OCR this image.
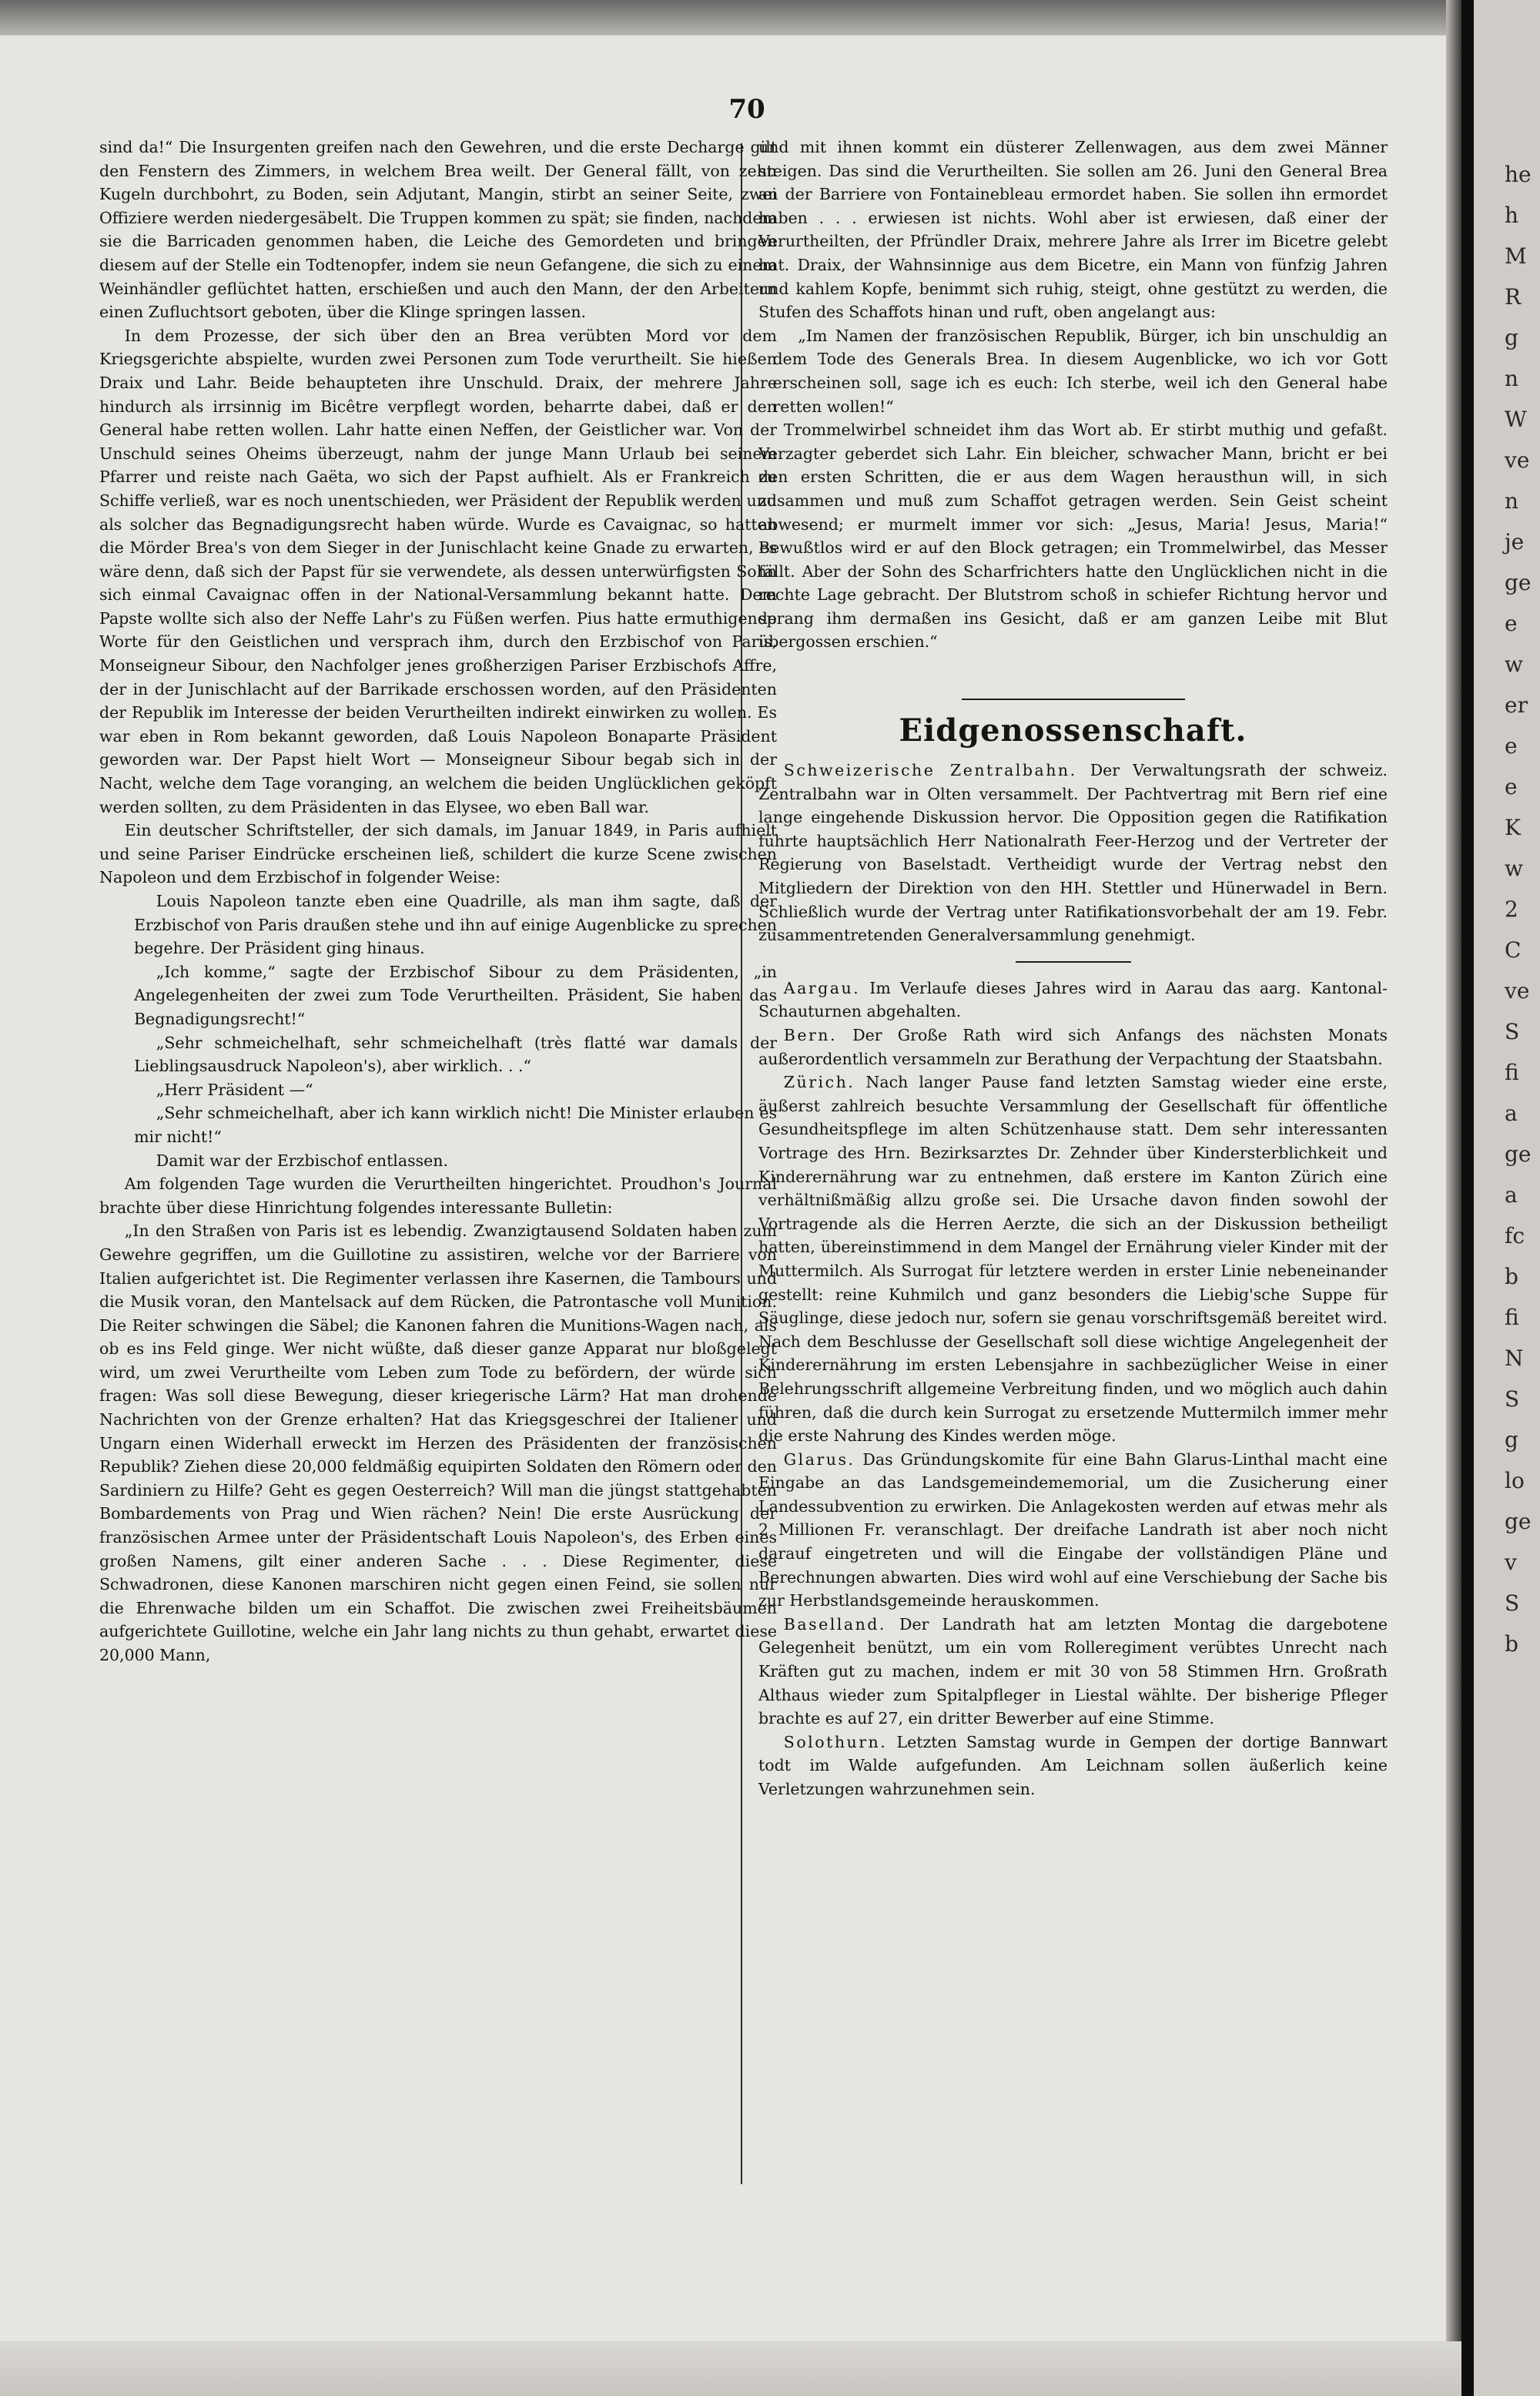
he
h
M
R
g
n
W
ve
n
je
ge
e
w
er
e
e
K
w
2
C
ve
S
fi
a
ge
a
fc
b
fi
N
S
g
lo
ge
v
S
b
70

sind da!“ Die Insurgenten greifen nach den Gewehren, und die erste Decharge gilt den Fenstern des Zimmers, in welchem Brea weilt. Der General fällt, von zehn Kugeln durchbohrt, zu Boden, sein Adjutant, Mangin, stirbt an seiner Seite, zwei Offiziere werden niedergesäbelt. Die Truppen kommen zu spät; sie finden, nachdem sie die Barricaden genommen haben, die Leiche des Gemordeten und bringen diesem auf der Stelle ein Todtenopfer, indem sie neun Gefangene, die sich zu einem Weinhändler geflüchtet hatten, erschießen und auch den Mann, der den Arbeitern einen Zufluchtsort geboten, über die Klinge springen lassen.

In dem Prozesse, der sich über den an Brea verübten Mord vor dem Kriegsgerichte abspielte, wurden zwei Personen zum Tode verurtheilt. Sie hießen Draix und Lahr. Beide behaupteten ihre Unschuld. Draix, der mehrere Jahre hindurch als irrsinnig im Bicêtre verpflegt worden, beharrte dabei, daß er den General habe retten wollen. Lahr hatte einen Neffen, der Geistlicher war. Von der Unschuld seines Oheims überzeugt, nahm der junge Mann Urlaub bei seinem Pfarrer und reiste nach Gaëta, wo sich der Papst aufhielt. Als er Frankreich zu Schiffe verließ, war es noch unentschieden, wer Präsident der Republik werden und als solcher das Begnadigungsrecht haben würde. Wurde es Cavaignac, so hatten die Mörder Brea's von dem Sieger in der Junischlacht keine Gnade zu erwarten, es wäre denn, daß sich der Papst für sie verwendete, als dessen unterwürfigsten Sohn sich einmal Cavaignac offen in der National-Versammlung bekannt hatte. Dem Papste wollte sich also der Neffe Lahr's zu Füßen werfen. Pius hatte ermuthigende Worte für den Geistlichen und versprach ihm, durch den Erzbischof von Paris, Monseigneur Sibour, den Nachfolger jenes großherzigen Pariser Erzbischofs Affre, der in der Junischlacht auf der Barrikade erschossen worden, auf den Präsidenten der Republik im Interesse der beiden Verurtheilten indirekt einwirken zu wollen. Es war eben in Rom bekannt geworden, daß Louis Napoleon Bonaparte Präsident geworden war. Der Papst hielt Wort — Monseigneur Sibour begab sich in der Nacht, welche dem Tage voranging, an welchem die beiden Unglücklichen geköpft werden sollten, zu dem Präsidenten in das Elysee, wo eben Ball war.

Ein deutscher Schriftsteller, der sich damals, im Januar 1849, in Paris aufhielt und seine Pariser Eindrücke erscheinen ließ, schildert die kurze Scene zwischen Napoleon und dem Erzbischof in folgender Weise:

Louis Napoleon tanzte eben eine Quadrille, als man ihm sagte, daß der Erzbischof von Paris draußen stehe und ihn auf einige Augenblicke zu sprechen begehre. Der Präsident ging hinaus.

„Ich komme,“ sagte der Erzbischof Sibour zu dem Präsidenten, „in Angelegenheiten der zwei zum Tode Verurtheilten. Präsident, Sie haben das Begnadigungsrecht!“

„Sehr schmeichelhaft, sehr schmeichelhaft (très flatté war damals der Lieblingsausdruck Napoleon's), aber wirklich. . .“

„Herr Präsident —“

„Sehr schmeichelhaft, aber ich kann wirklich nicht! Die Minister erlauben es mir nicht!“

Damit war der Erzbischof entlassen.

Am folgenden Tage wurden die Verurtheilten hingerichtet. Proudhon's Journal brachte über diese Hinrichtung folgendes interessante Bulletin:

„In den Straßen von Paris ist es lebendig. Zwanzigtausend Soldaten haben zum Gewehre gegriffen, um die Guillotine zu assistiren, welche vor der Barriere von Italien aufgerichtet ist. Die Regimenter verlassen ihre Kasernen, die Tambours und die Musik voran, den Mantelsack auf dem Rücken, die Patrontasche voll Munition. Die Reiter schwingen die Säbel; die Kanonen fahren die Munitions-Wagen nach, als ob es ins Feld ginge. Wer nicht wüßte, daß dieser ganze Apparat nur bloßgelegt wird, um zwei Verurtheilte vom Leben zum Tode zu befördern, der würde sich fragen: Was soll diese Bewegung, dieser kriegerische Lärm? Hat man drohende Nachrichten von der Grenze erhalten? Hat das Kriegsgeschrei der Italiener und Ungarn einen Widerhall erweckt im Herzen des Präsidenten der französischen Republik? Ziehen diese 20,000 feldmäßig equipirten Soldaten den Römern oder den Sardiniern zu Hilfe? Geht es gegen Oesterreich? Will man die jüngst stattgehabten Bombardements von Prag und Wien rächen? Nein! Die erste Ausrückung der französischen Armee unter der Präsidentschaft Louis Napoleon's, des Erben eines großen Namens, gilt einer anderen Sache . . . Diese Regimenter, diese Schwadronen, diese Kanonen marschiren nicht gegen einen Feind, sie sollen nur die Ehrenwache bilden um ein Schaffot. Die zwischen zwei Freiheitsbäumen aufgerichtete Guillotine, welche ein Jahr lang nichts zu thun gehabt, erwartet diese 20,000 Mann,

und mit ihnen kommt ein düsterer Zellenwagen, aus dem zwei Männer steigen. Das sind die Verurtheilten. Sie sollen am 26. Juni den General Brea an der Barriere von Fontainebleau ermordet haben. Sie sollen ihn ermordet haben . . . erwiesen ist nichts. Wohl aber ist erwiesen, daß einer der Verurtheilten, der Pfründler Draix, mehrere Jahre als Irrer im Bicetre gelebt hat. Draix, der Wahnsinnige aus dem Bicetre, ein Mann von fünfzig Jahren und kahlem Kopfe, benimmt sich ruhig, steigt, ohne gestützt zu werden, die Stufen des Schaffots hinan und ruft, oben angelangt aus:

„Im Namen der französischen Republik, Bürger, ich bin unschuldig an dem Tode des Generals Brea. In diesem Augenblicke, wo ich vor Gott erscheinen soll, sage ich es euch: Ich sterbe, weil ich den General habe retten wollen!“

Trommelwirbel schneidet ihm das Wort ab. Er stirbt muthig und gefaßt. Verzagter geberdet sich Lahr. Ein bleicher, schwacher Mann, bricht er bei den ersten Schritten, die er aus dem Wagen herausthun will, in sich zusammen und muß zum Schaffot getragen werden. Sein Geist scheint abwesend; er murmelt immer vor sich: „Jesus, Maria! Jesus, Maria!“ Bewußtlos wird er auf den Block getragen; ein Trommelwirbel, das Messer fällt. Aber der Sohn des Scharfrichters hatte den Unglücklichen nicht in die rechte Lage gebracht. Der Blutstrom schoß in schiefer Richtung hervor und sprang ihm dermaßen ins Gesicht, daß er am ganzen Leibe mit Blut übergossen erschien.“

Eidgenossenschaft.

Schweizerische Zentralbahn. Der Verwaltungsrath der schweiz. Zentralbahn war in Olten versammelt. Der Pachtvertrag mit Bern rief eine lange eingehende Diskussion hervor. Die Opposition gegen die Ratifikation führte hauptsächlich Herr Nationalrath Feer-Herzog und der Vertreter der Regierung von Baselstadt. Vertheidigt wurde der Vertrag nebst den Mitgliedern der Direktion von den HH. Stettler und Hünerwadel in Bern. Schließlich wurde der Vertrag unter Ratifikationsvorbehalt der am 19. Febr. zusammentretenden Generalversammlung genehmigt.

Aargau. Im Verlaufe dieses Jahres wird in Aarau das aarg. Kantonal-Schauturnen abgehalten.

Bern. Der Große Rath wird sich Anfangs des nächsten Monats außerordentlich versammeln zur Berathung der Verpachtung der Staatsbahn.

Zürich. Nach langer Pause fand letzten Samstag wieder eine erste, äußerst zahlreich besuchte Versammlung der Gesellschaft für öffentliche Gesundheitspflege im alten Schützenhause statt. Dem sehr interessanten Vortrage des Hrn. Bezirksarztes Dr. Zehnder über Kindersterblichkeit und Kinderernährung war zu entnehmen, daß erstere im Kanton Zürich eine verhältnißmäßig allzu große sei. Die Ursache davon finden sowohl der Vortragende als die Herren Aerzte, die sich an der Diskussion betheiligt hatten, übereinstimmend in dem Mangel der Ernährung vieler Kinder mit der Muttermilch. Als Surrogat für letztere werden in erster Linie nebeneinander gestellt: reine Kuhmilch und ganz besonders die Liebig'sche Suppe für Säuglinge, diese jedoch nur, sofern sie genau vorschriftsgemäß bereitet wird. Nach dem Beschlusse der Gesellschaft soll diese wichtige Angelegenheit der Kinderernährung im ersten Lebensjahre in sachbezüglicher Weise in einer Belehrungsschrift allgemeine Verbreitung finden, und wo möglich auch dahin führen, daß die durch kein Surrogat zu ersetzende Muttermilch immer mehr die erste Nahrung des Kindes werden möge.

Glarus. Das Gründungskomite für eine Bahn Glarus-Linthal macht eine Eingabe an das Landsgemeindememorial, um die Zusicherung einer Landessubvention zu erwirken. Die Anlagekosten werden auf etwas mehr als 2 Millionen Fr. veranschlagt. Der dreifache Landrath ist aber noch nicht darauf eingetreten und will die Eingabe der vollständigen Pläne und Berechnungen abwarten. Dies wird wohl auf eine Verschiebung der Sache bis zur Herbstlandsgemeinde herauskommen.

Baselland. Der Landrath hat am letzten Montag die dargebotene Gelegenheit benützt, um ein vom Rolleregiment verübtes Unrecht nach Kräften gut zu machen, indem er mit 30 von 58 Stimmen Hrn. Großrath Althaus wieder zum Spitalpfleger in Liestal wählte. Der bisherige Pfleger brachte es auf 27, ein dritter Bewerber auf eine Stimme.

Solothurn. Letzten Samstag wurde in Gempen der dortige Bannwart todt im Walde aufgefunden. Am Leichnam sollen äußerlich keine Verletzungen wahrzunehmen sein.
